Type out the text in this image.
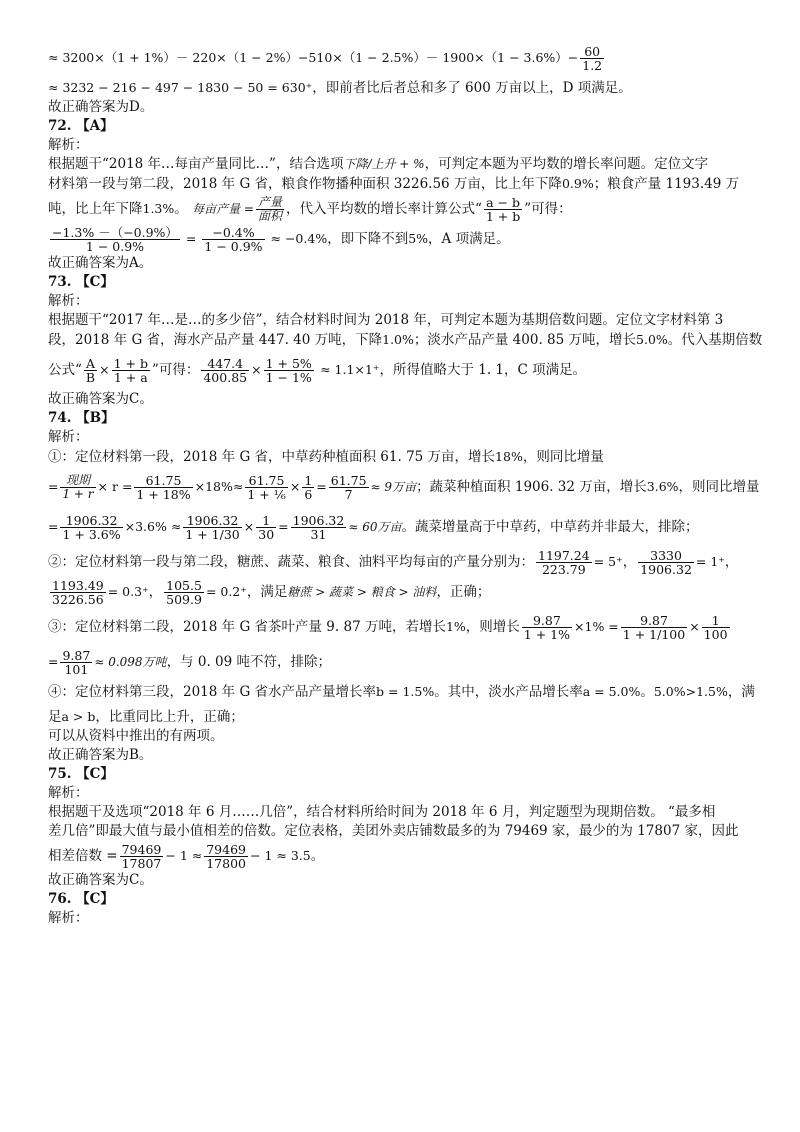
≈ $3200\times(1 + 1\%)- 220\times(1 - 2\%)-510\times(1 - 2.5\%)- 1900\times(1 - 3.6\%)- \frac{60}{1.2}$
≈ 3232 − 216 − 497 − 1830 − 50 = 630⁺，即前者比后者总和多了 600 万亩以上，D 项满足。
故正确答案为D。
72. 【A】
解析：
根据题干“2018 年…每亩产量同比…”，结合选项下降/上升 + %，可判定本题为平均数的增长率问题。定位文字
材料第一段与第二段，2018 年 G 省，粮食作物播种面积 3226.56 万亩，比上年下降0.9%；粮食产量 1193.49 万
吨，比上年下降1.3%。 每亩产量 = $\frac{\text{产量}}{\text{面积}}$ ，代入平均数的增长率计算公式“ $\frac{a - b}{1 + b}$ ”可得：
$\frac{-1.3\% -(-0.9\%)}{1 - 0.9\%} = \frac{-0.4\%}{1 - 0.9\%} \approx -0.4\%$，即下降不到5%，A 项满足。
故正确答案为A。
73. 【C】
解析：
根据题干“2017 年…是…的多少倍”，结合材料时间为 2018 年，可判定本题为基期倍数问题。定位文字材料第 3
段，2018 年 G 省，海水产品产量 447. 40 万吨，下降1.0%；淡水产品产量 400. 85 万吨，增长5.0%。代入基期倍数
公式“ $\frac{A}{B} \times \frac{1 + b}{1 + a}$ ”可得： $\frac{447.4}{400.85} \times \frac{1 + 5\%}{1 - 1\%} \approx 1.1\times 1^+$，所得值略大于 1. 1，C 项满足。
故正确答案为C。
74. 【B】
解析：
①：定位材料第一段，2018 年 G 省，中草药种植面积 61. 75 万亩，增长18%，则同比增量
= $\frac{\text{现期}}{1 + r} \times r = \frac{61.75}{1 + 18\%} \times 18\%\approx \frac{61.75}{\text{1 + ⅙}} \times \frac{1}{6} = \frac{61.75}{7} \approx 9$万亩；蔬菜种植面积 1906. 32 万亩，增长3.6%，则同比增量
= $\frac{1906.32}{1 + 3.6\%} \times 3.6\% \approx \frac{1906.32}{1 + 1/30} \times \frac{1}{30} = \frac{1906.32}{31} \approx 60$万亩。蔬菜增量高于中草药，中草药并非最大，排除；
②：定位材料第一段与第二段，糖蔗、蔬菜、粮食、油料平均每亩的产量分别为： $\frac{1197.24}{223.79} = 5^+$， $\frac{3330}{1906.32} = 1^+$，
$\frac{1193.49}{3226.56} = 0.3^+$， $\frac{105.5}{509.9} = 0.2^+$，满足糖蔗 > 蔬菜 > 粮食 > 油料，正确；
③：定位材料第二段，2018 年 G 省茶叶产量 9. 87 万吨，若增长1%，则增长 $\frac{9.87}{1 + 1\%} \times 1\% = \frac{9.87}{1 + 1/100} \times \frac{1}{100}$
= $\frac{9.87}{101} \approx 0.098$万吨，与 0. 09 吨不符，排除；
④：定位材料第三段，2018 年 G 省水产品产量增长率b = 1.5%。其中，淡水产品增长率a = 5.0%。5.0%>1.5%，满
足a > b，比重同比上升，正确；
可以从资料中推出的有两项。
故正确答案为B。
75. 【C】
解析：
根据题干及选项“2018 年 6 月……几倍”，结合材料所给时间为 2018 年 6 月，判定题型为现期倍数。 “最多相
差几倍”即最大值与最小值相差的倍数。定位表格，美团外卖店铺数最多的为 79469 家，最少的为 17807 家，因此
相差倍数 = $\frac{79469}{17807} - 1 \approx \frac{79469}{17800} - 1 \approx 3.5$。
故正确答案为C。
76. 【C】
解析：
